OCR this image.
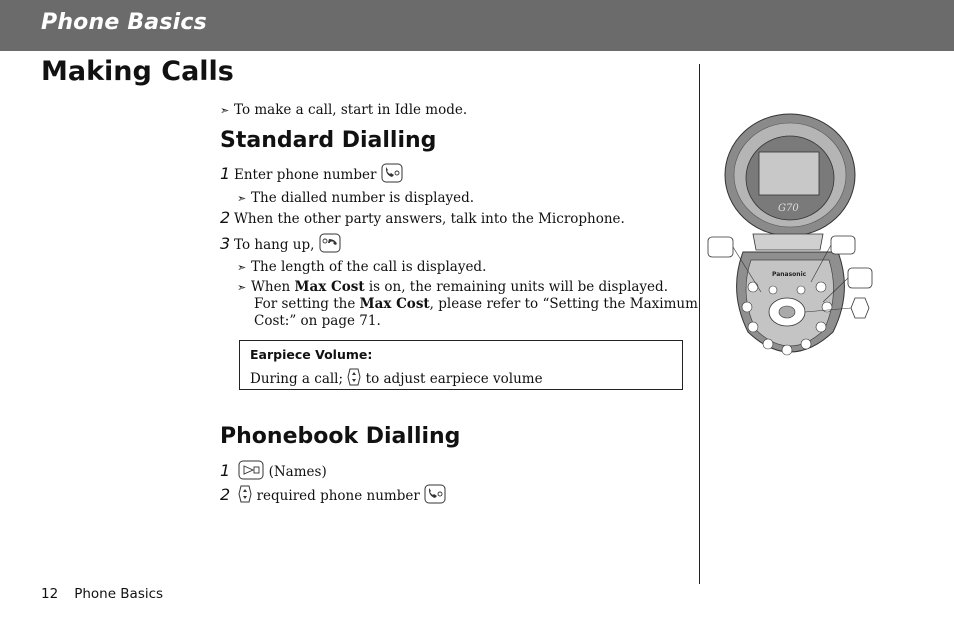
Phone Basics
Making Calls
➣ To make a call, start in Idle mode.
Standard Dialling
1 Enter phone number
➣ The dialled number is displayed.
2 When the other party answers, talk into the Microphone.
3 To hang up,
➣ The length of the call is displayed.
➣ When Max Cost is on, the remaining units will be displayed.
For setting the Max Cost, please refer to “Setting the Maximum
Cost:” on page 71.
Earpiece Volume:
During a call; to adjust earpiece volume
Phonebook Dialling
1	(Names)
2 required phone number
G70
Panasonic
12 Phone Basics
